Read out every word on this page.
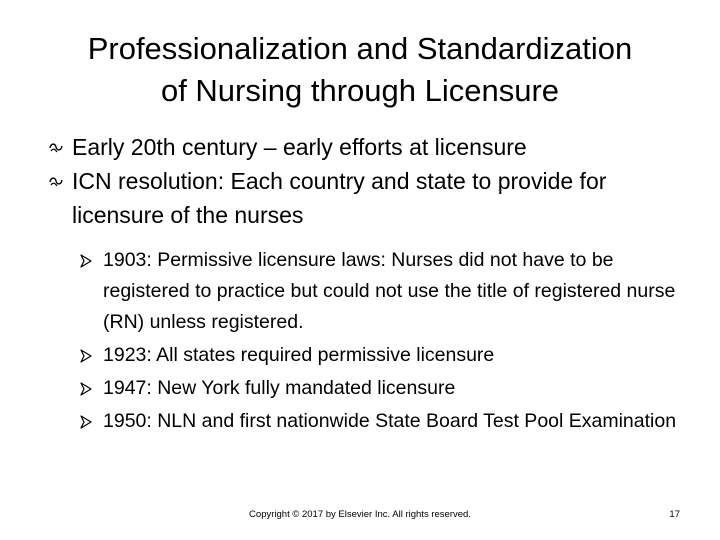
Professionalization and Standardization
of Nursing through Licensure
Early 20th century – early efforts at licensure
ICN resolution: Each country and state to provide for licensure of the nurses
1903: Permissive licensure laws: Nurses did not have to be registered to practice but could not use the title of registered nurse (RN) unless registered.
1923: All states required permissive licensure
1947: New York fully mandated licensure
1950: NLN and first nationwide State Board Test Pool Examination
Copyright © 2017 by Elsevier Inc. All rights reserved.	17
